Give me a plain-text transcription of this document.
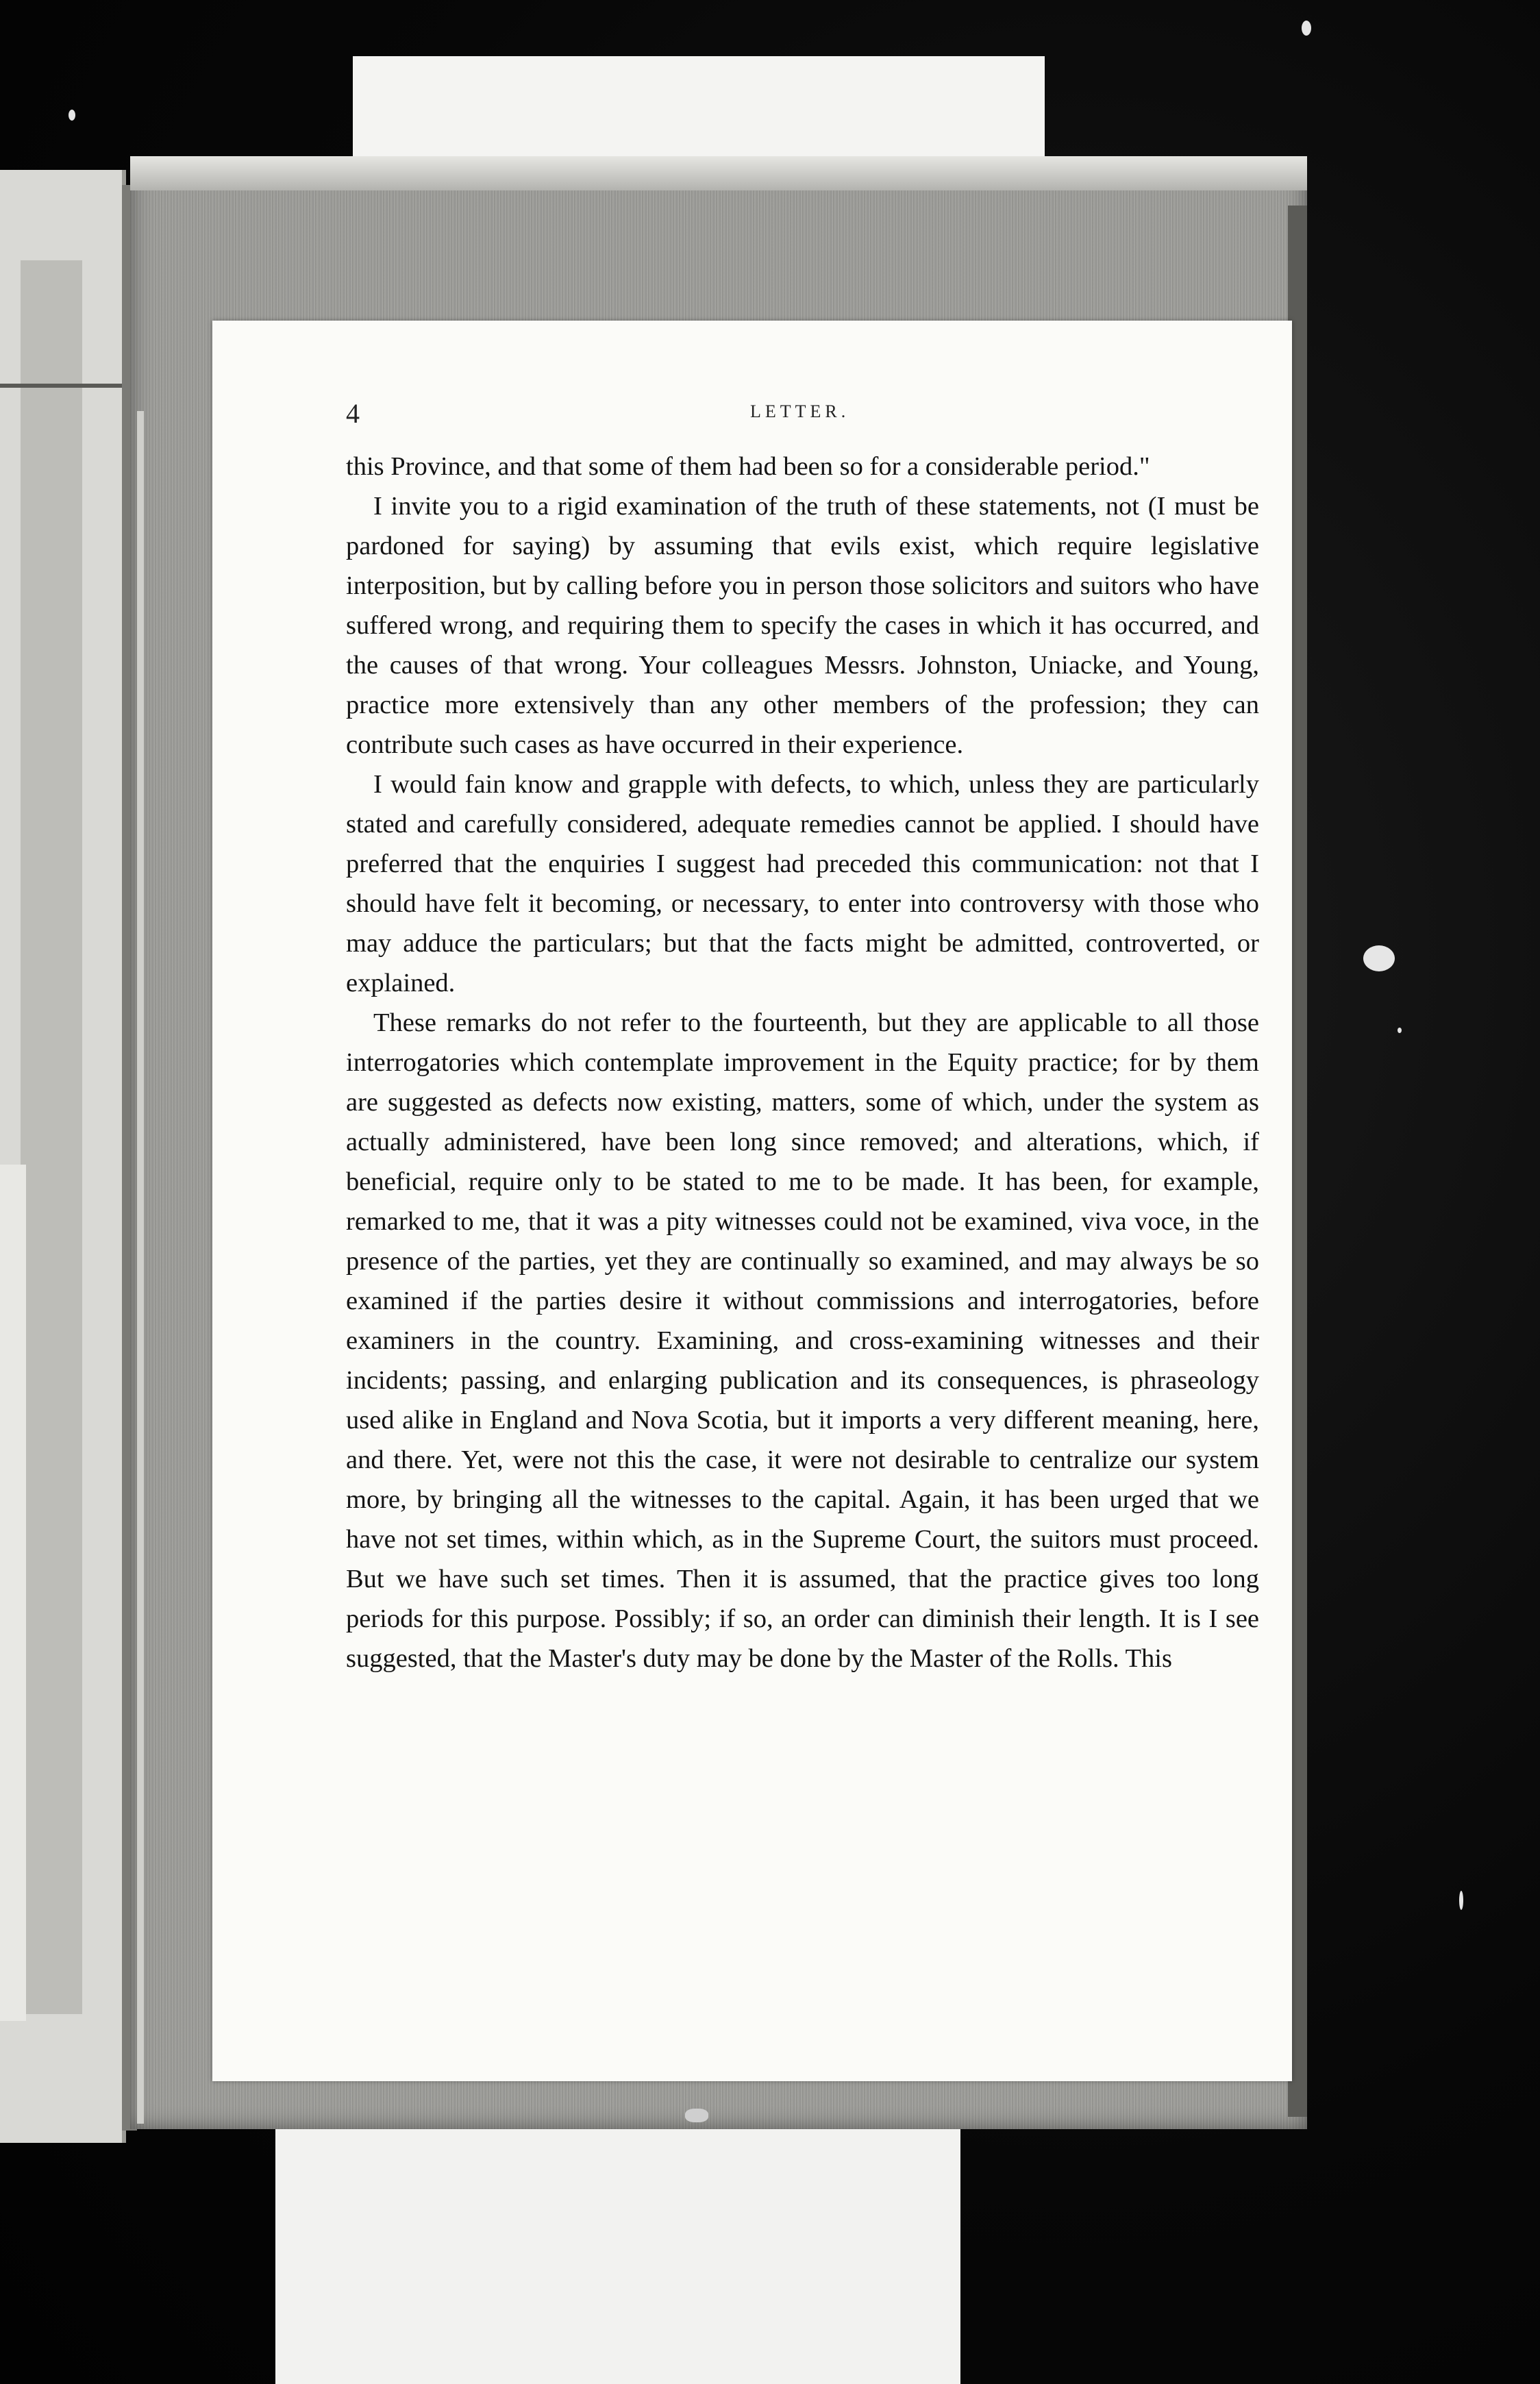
4	LETTER.

this Province, and that some of them had been so for a considerable period."

I invite you to a rigid examination of the truth of these statements, not (I must be pardoned for saying) by assuming that evils exist, which require legislative interposition, but by calling before you in person those solicitors and suitors who have suffered wrong, and requiring them to specify the cases in which it has occurred, and the causes of that wrong. Your colleagues Messrs. Johnston, Uniacke, and Young, practice more extensively than any other members of the profession; they can contribute such cases as have occurred in their experience.

I would fain know and grapple with defects, to which, unless they are particularly stated and carefully considered, adequate remedies cannot be applied. I should have preferred that the enquiries I suggest had preceded this communication: not that I should have felt it becoming, or necessary, to enter into controversy with those who may adduce the particulars; but that the facts might be admitted, controverted, or explained.

These remarks do not refer to the fourteenth, but they are applicable to all those interrogatories which contemplate improvement in the Equity practice; for by them are suggested as defects now existing, matters, some of which, under the system as actually administered, have been long since removed; and alterations, which, if beneficial, require only to be stated to me to be made. It has been, for example, remarked to me, that it was a pity witnesses could not be examined, viva voce, in the presence of the parties, yet they are continually so examined, and may always be so examined if the parties desire it without commissions and interrogatories, before examiners in the country. Examining, and cross-examining witnesses and their incidents; passing, and enlarging publication and its consequences, is phraseology used alike in England and Nova Scotia, but it imports a very different meaning, here, and there. Yet, were not this the case, it were not desirable to centralize our system more, by bringing all the witnesses to the capital. Again, it has been urged that we have not set times, within which, as in the Supreme Court, the suitors must proceed. But we have such set times. Then it is assumed, that the practice gives too long periods for this purpose. Possibly; if so, an order can diminish their length. It is I see suggested, that the Master's duty may be done by the Master of the Rolls. This
